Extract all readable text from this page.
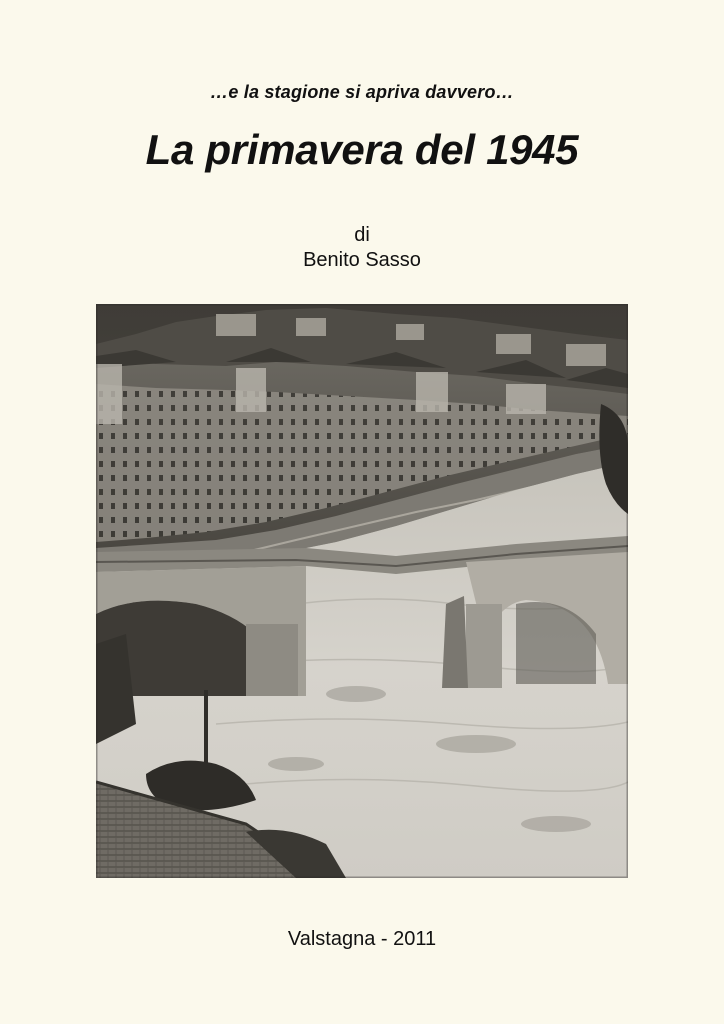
…e la stagione si apriva davvero…
La primavera del 1945
di
Benito Sasso
Valstagna - 2011
